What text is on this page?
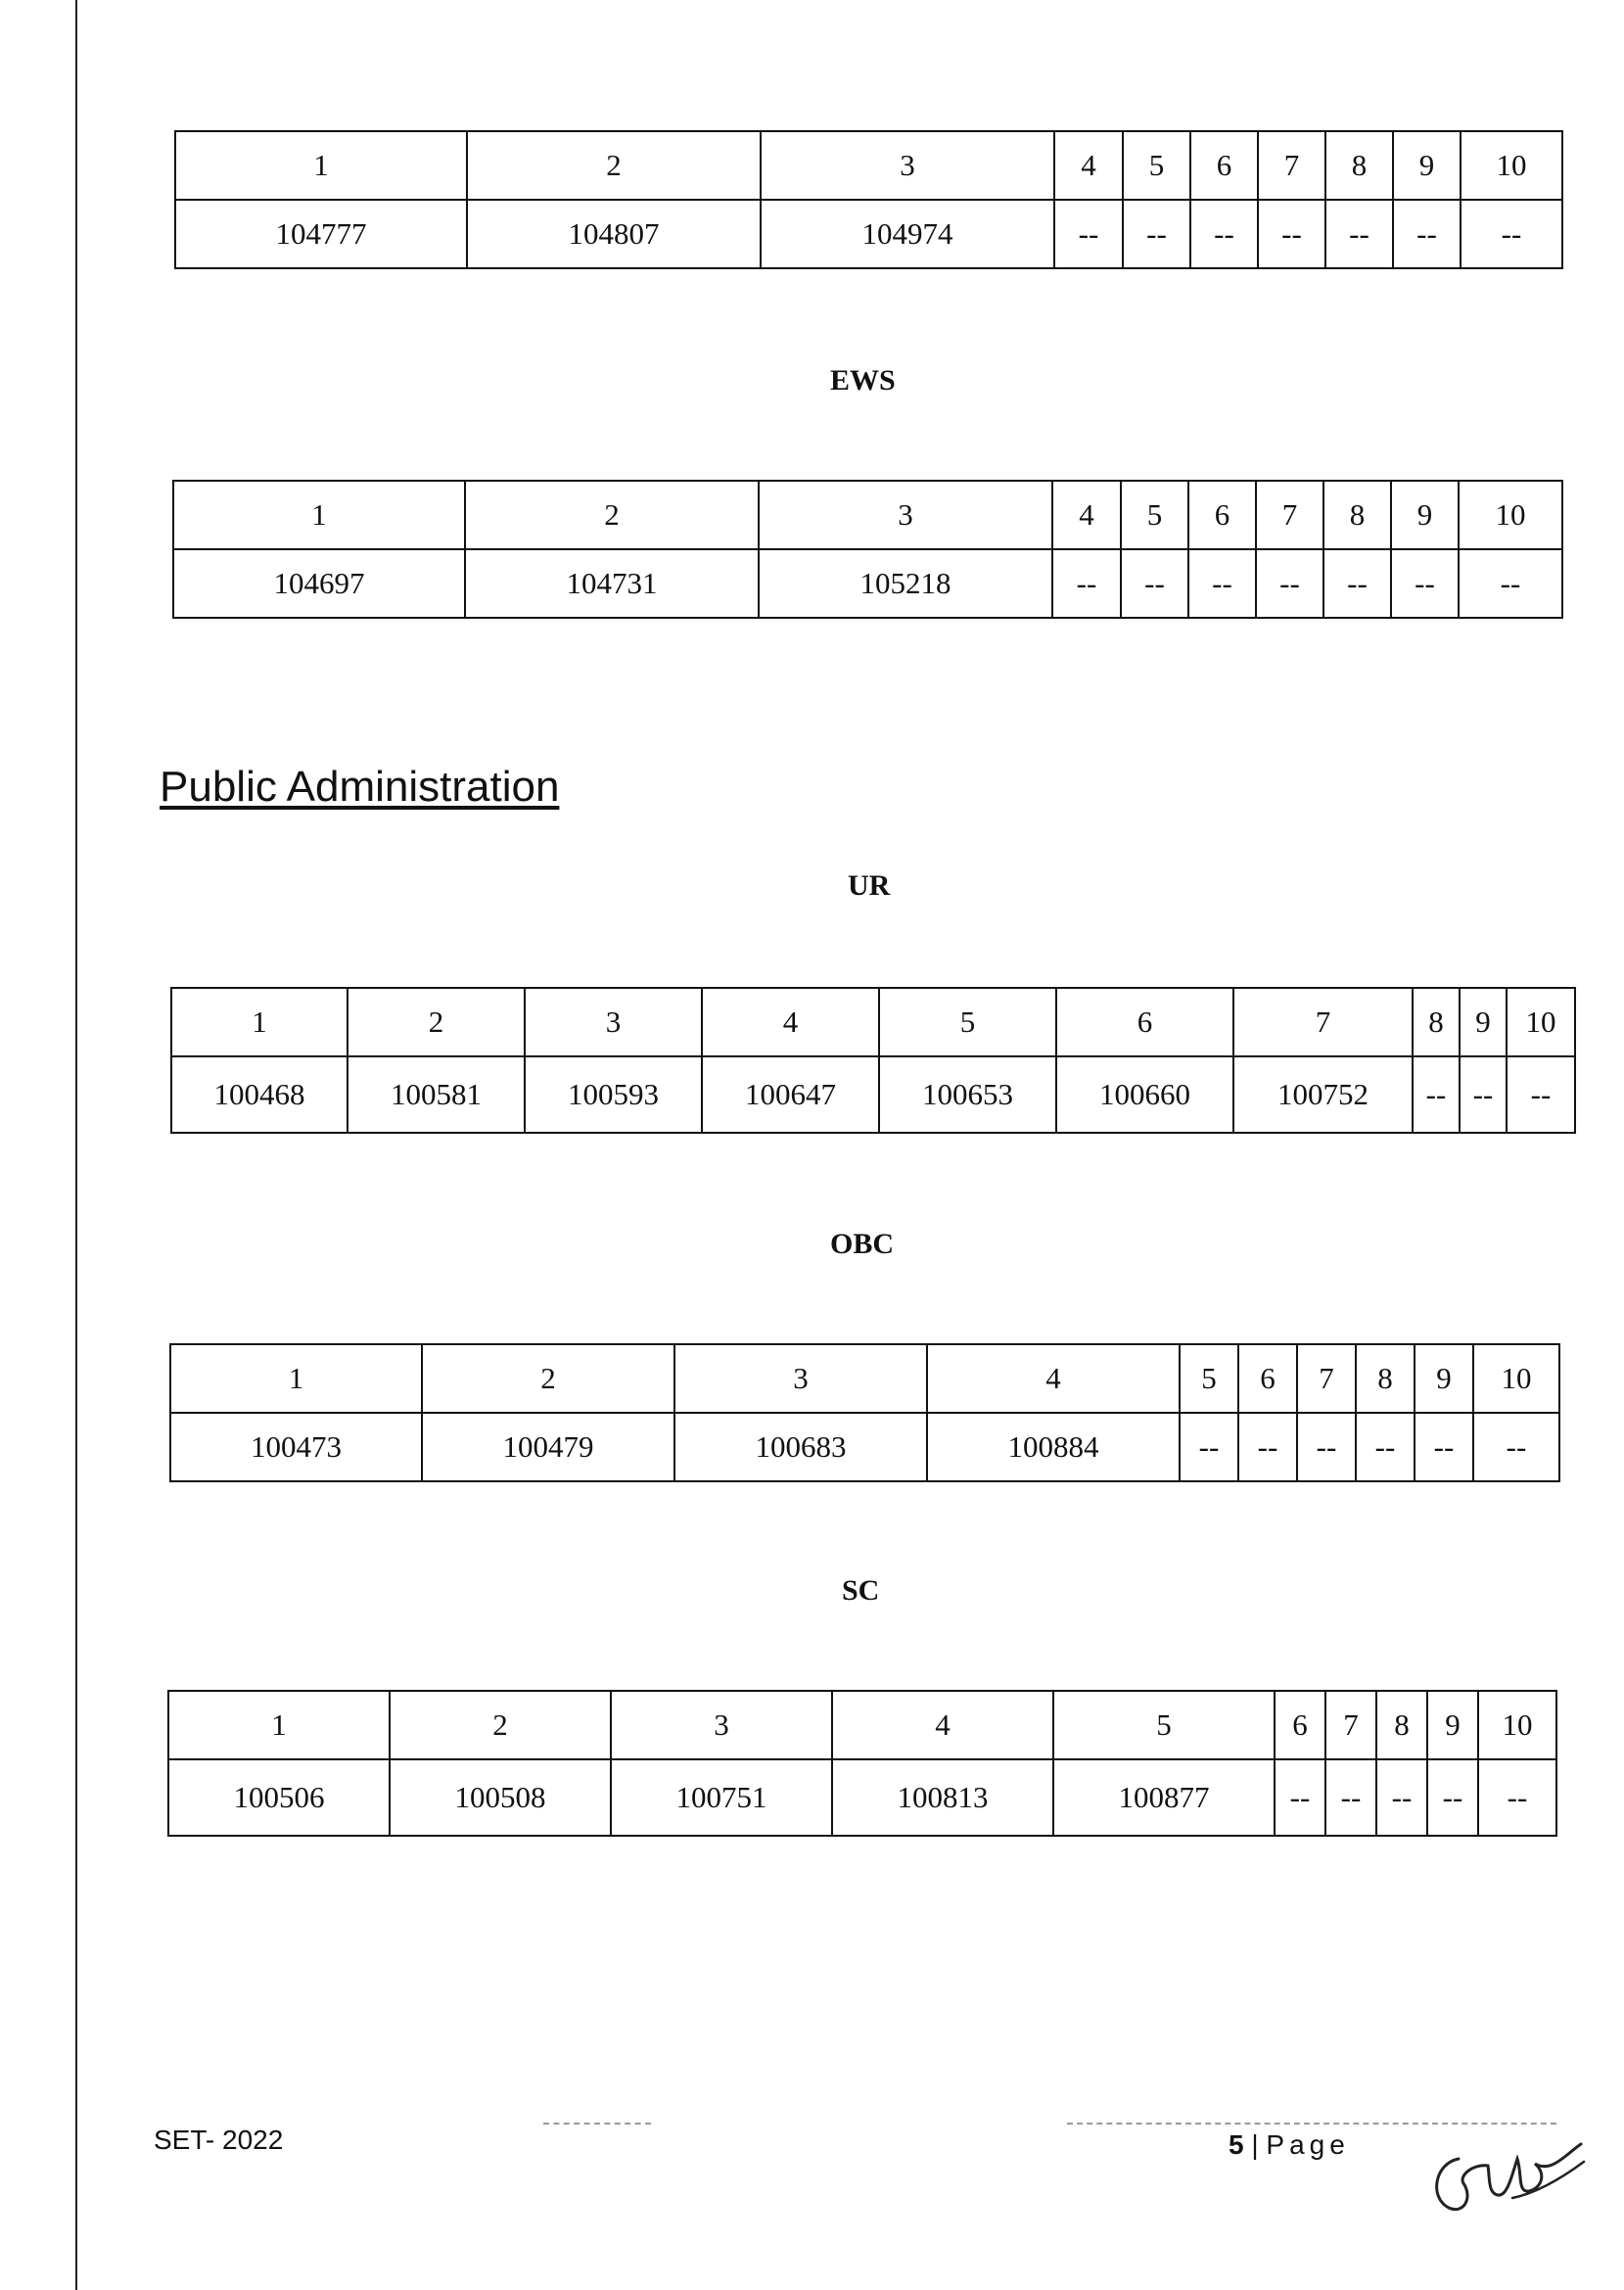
1	2	3	4	5	6	7	8	9	10
104777	104807	104974	--	--	--	--	--	--	--
EWS
1	2	3	4	5	6	7	8	9	10
104697	104731	105218	--	--	--	--	--	--	--
Public Administration
UR
1	2	3	4	5	6	7	8	9	10
100468	100581	100593	100647	100653	100660	100752	--	--	--
OBC
1	2	3	4	5	6	7	8	9	10
100473	100479	100683	100884	--	--	--	--	--	--
SC
1	2	3	4	5	6	7	8	9	10
100506	100508	100751	100813	100877	--	--	--	--	--
SET- 2022	5 | Page
